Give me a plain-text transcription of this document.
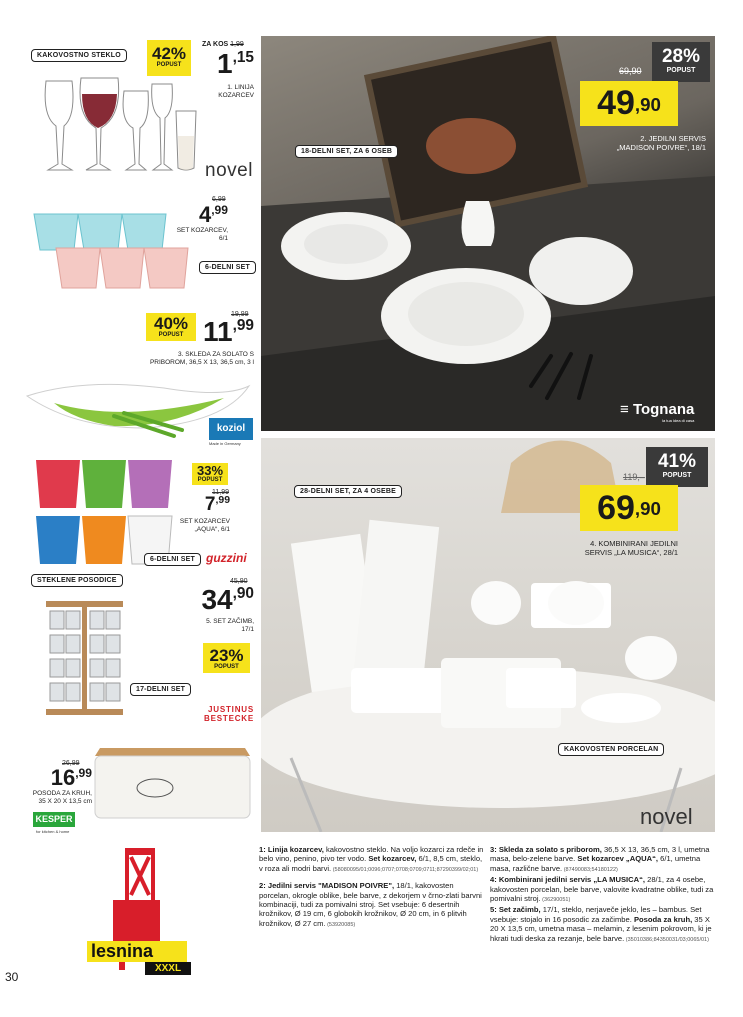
KAKOVOSTNO STEKLO	42%
POPUST
ZA KOS 1,99
$1^{,15}$
1. LINIJA
KOZARCEV
novel
6,99
$4^{,99}$
SET KOZARCEV,
6/1
6-DELNI SET
19,99
40%
POPUST $11^{,99}$
3. SKLEDA ZA SOLATO S
PRIBOROM, 36,5 X 13, 36,5 cm, 3 l
koziol
Made in Germany
33%
POPUST
11,99
$7^{,99}$
SET KOZARCEV
„AQUA“, 6/1
6-DELNI SET guzzini
STEKLENE POSODICE	45,90
$34^{,90}$
5. SET ZAČIMB,
17/1
23%
POPUST
17-DELNI SET
JUSTINUS
BESTECKE
26,99
$16^{,99}$
POSODA ZA KRUH,
35 X 20 X 13,5 cm
KESPER
for kitchen & home
18-DELNI SET, ZA 6 OSEB
28%
POPUST
69,90
$49^{,90}$
2. JEDILNI SERVIS
„MADISON POIVRE“, 18/1
≡ Tognana
la tua idea di casa
28-DELNI SET, ZA 4 OSEBE
41%
POPUST
119,–
$69^{,90}$
4. KOMBINIRANI JEDILNI
SERVIS „LA MUSICA“, 28/1
KAKOVOSTEN PORCELAN
novel
lesnina
XXXL
30

1: Linija kozarcev, kakovostno steklo. Na voljo kozarci za rdeče in belo vino, penino, pivo ter vodo. Set kozarcev, 6/1, 8,5 cm, steklo, v roza ali modri barvi. (58080095/01;0096;0707;0708;0709;0711;87290399/02;01)

2: Jedilni servis "MADISON POIVRE", 18/1, kakovosten porcelan, okrogle oblike, bele barve, z dekorjem v črno-zlati barvni kombinaciji, tudi za pomivalni stroj. Set vsebuje: 6 desertnih krožnikov, Ø 19 cm, 6 globokih krožnikov, Ø 20 cm, in 6 plitvih krožnikov, Ø 27 cm. (53920085)

3: Skleda za solato s priborom, 36,5 X 13, 36,5 cm, 3 l, umetna masa, belo-zelene barve. Set kozarcev „AQUA“, 6/1, umetna masa, različne barve. (87490083;54180122)

4: Kombinirani jedilni servis „LA MUSICA“, 28/1, za 4 osebe, kakovosten porcelan, bele barve, valovite kvadratne oblike, tudi za pomivalni stroj. (36290051)

5: Set začimb, 17/1, steklo, nerjaveče jeklo, les – bambus. Set vsebuje: stojalo in 16 posodic za začimbe. Posoda za kruh, 35 X 20 X 13,5 cm, umetna masa – melamin, z lesenim pokrovom, ki je hkrati tudi deska za rezanje, bele barve. (35010386;84350031/03;0065/01)
